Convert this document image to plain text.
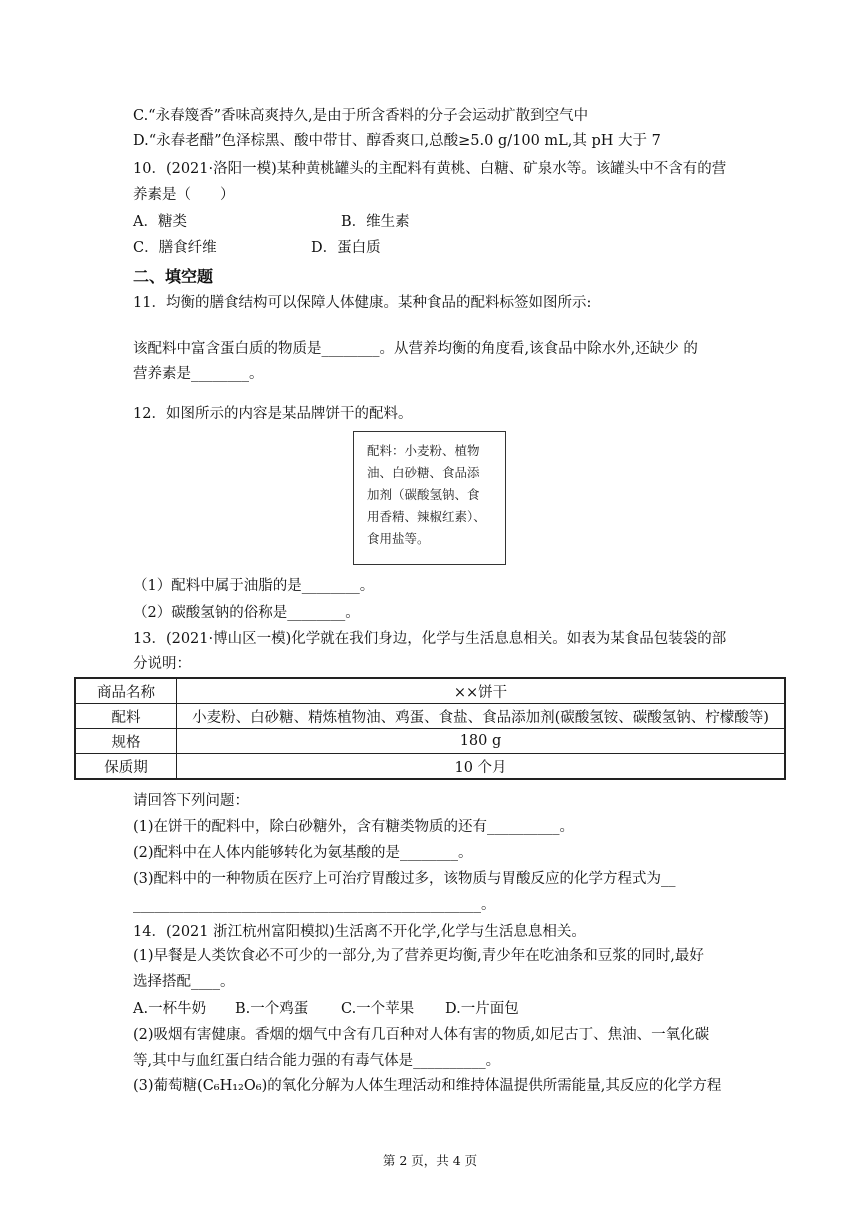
C.“永春篾香”香味高爽持久,是由于所含香料的分子会运动扩散到空气中
D.“永春老醋”色泽棕黑、酸中带甘、醇香爽口,总酸≥5.0 g/100 mL,其 pH 大于 7
10．(2021·洛阳一模)某种黄桃罐头的主配料有黄桃、白糖、矿泉水等。该罐头中不含有的营
养素是（　　）
A．糖类	B．维生素
C．膳食纤维	D．蛋白质
二、填空题
11．均衡的膳食结构可以保障人体健康。某种食品的配料标签如图所示:
该配料中富含蛋白质的物质是________。从营养均衡的角度看,该食品中除水外,还缺少 的
营养素是________。
12．如图所示的内容是某品牌饼干的配料。
配料：小麦粉、植物
油、白砂糖、食品添
加剂（碳酸氢钠、食
用香精、辣椒红素）、
食用盐等。
（1）配料中属于油脂的是________。
（2）碳酸氢钠的俗称是________。
13．(2021·博山区一模)化学就在我们身边，化学与生活息息相关。如表为某食品包装袋的部
分说明：
商品名称	××饼干
配料	小麦粉、白砂糖、精炼植物油、鸡蛋、食盐、食品添加剂(碳酸氢铵、碳酸氢钠、柠檬酸等)
规格	180 g
保质期	10 个月
请回答下列问题：
(1)在饼干的配料中，除白砂糖外，含有糖类物质的还有__________。
(2)配料中在人体内能够转化为氨基酸的是________。
(3)配料中的一种物质在医疗上可治疗胃酸过多，该物质与胃酸反应的化学方程式为__
________________________________________________。
14．(2021 浙江杭州富阳模拟)生活离不开化学,化学与生活息息相关。
(1)早餐是人类饮食必不可少的一部分,为了营养更均衡,青少年在吃油条和豆浆的同时,最好
选择搭配____。
A.一杯牛奶 B.一个鸡蛋 C.一个苹果 D.一片面包
(2)吸烟有害健康。香烟的烟气中含有几百种对人体有害的物质,如尼古丁、焦油、一氧化碳
等,其中与血红蛋白结合能力强的有毒气体是__________。
(3)葡萄糖(C₆H₁₂O₆)的氧化分解为人体生理活动和维持体温提供所需能量,其反应的化学方程
第 2 页，共 4 页
